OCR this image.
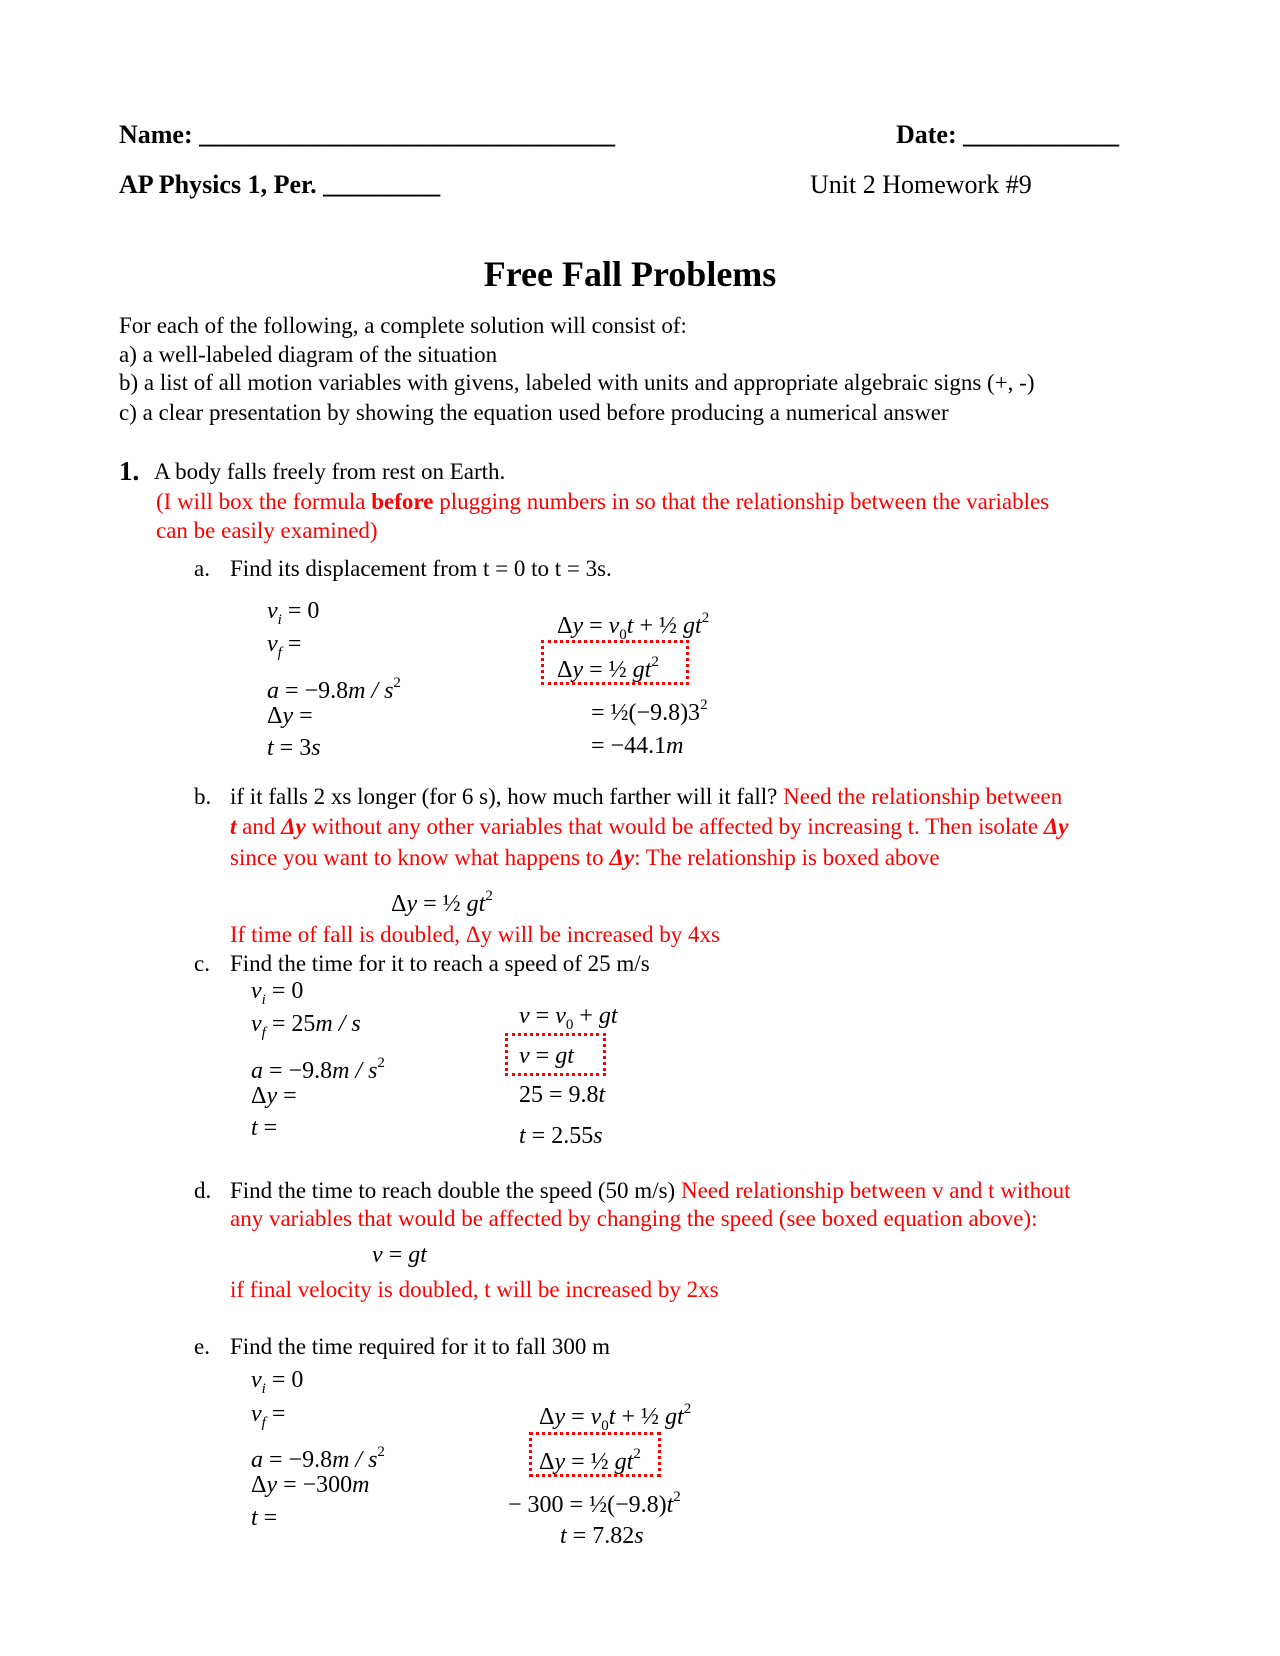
Name: ________________________________	Date: ____________
AP Physics 1, Per. _________	Unit 2 Homework #9
Free Fall Problems
For each of the following, a complete solution will consist of:
a) a well-labeled diagram of the situation
b) a list of all motion variables with givens, labeled with units and appropriate algebraic signs (+, -)
c) a clear presentation by showing the equation used before producing a numerical answer
1. A body falls freely from rest on Earth.
(I will box the formula before plugging numbers in so that the relationship between the variables
can be easily examined)
a. Find its displacement from t = 0 to t = 3s.
$v_i = 0$
$v_f$ =
$a = -9.8m / s^2$
Δy =
t = 3s
$\Delta y = v_0t$ + ½ $gt^2$
Δy = ½ $gt^2$
= $\frac{1}{2}(-9.8)3^2$
= −44.1m
b. if it falls 2 xs longer (for 6 s), how much farther will it fall? Need the relationship between
t and Δy without any other variables that would be affected by increasing t. Then isolate Δy
since you want to know what happens to Δy: The relationship is boxed above
Δy = ½ $gt^2$
If time of fall is doubled, Δy will be increased by 4xs
c. Find the time for it to reach a speed of 25 m/s
$v_i = 0$
$v_f = 25m / s$
$a = -9.8m / s^2$
Δy =
t =
$v = v_0$ + gt
v = gt
25 = 9.8t
t = 2.55s
d. Find the time to reach double the speed (50 m/s) Need relationship between v and t without
any variables that would be affected by changing the speed (see boxed equation above):
v = gt
if final velocity is doubled, t will be increased by 2xs
e. Find the time required for it to fall 300 m
$v_i = 0$
$v_f$ =
$a = -9.8m / s^2$
Δy = −300m
t =
$\Delta y = v_0t$ + ½ $gt^2$
Δy = ½ $gt^2$
− $300 = \frac{1}{2}(-9.8)t^2$
t = 7.82s
